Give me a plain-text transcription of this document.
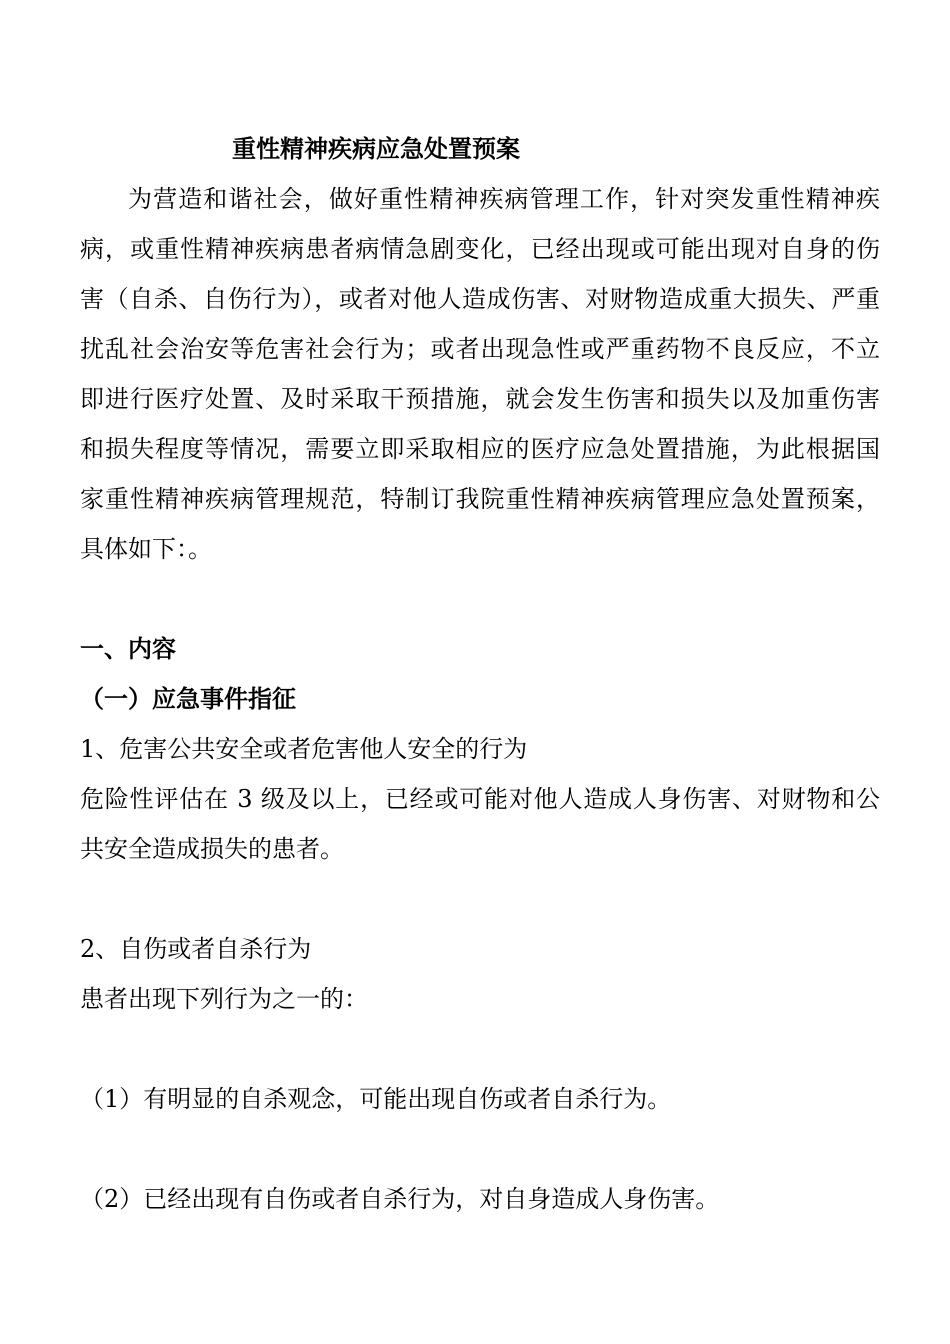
重性精神疾病应急处置预案
为营造和谐社会，做好重性精神疾病管理工作，针对突发重性精神疾
病，或重性精神疾病患者病情急剧变化，已经出现或可能出现对自身的伤
害（自杀、自伤行为），或者对他人造成伤害、对财物造成重大损失、严重
扰乱社会治安等危害社会行为；或者出现急性或严重药物不良反应，不立
即进行医疗处置、及时采取干预措施，就会发生伤害和损失以及加重伤害
和损失程度等情况，需要立即采取相应的医疗应急处置措施，为此根据国
家重性精神疾病管理规范，特制订我院重性精神疾病管理应急处置预案，
具体如下：。
一、内容
（一）应急事件指征
1、危害公共安全或者危害他人安全的行为
危险性评估在 3 级及以上，已经或可能对他人造成人身伤害、对财物和公
共安全造成损失的患者。
2、自伤或者自杀行为
患者出现下列行为之一的：
（1）有明显的自杀观念，可能出现自伤或者自杀行为。
（2）已经出现有自伤或者自杀行为，对自身造成人身伤害。
